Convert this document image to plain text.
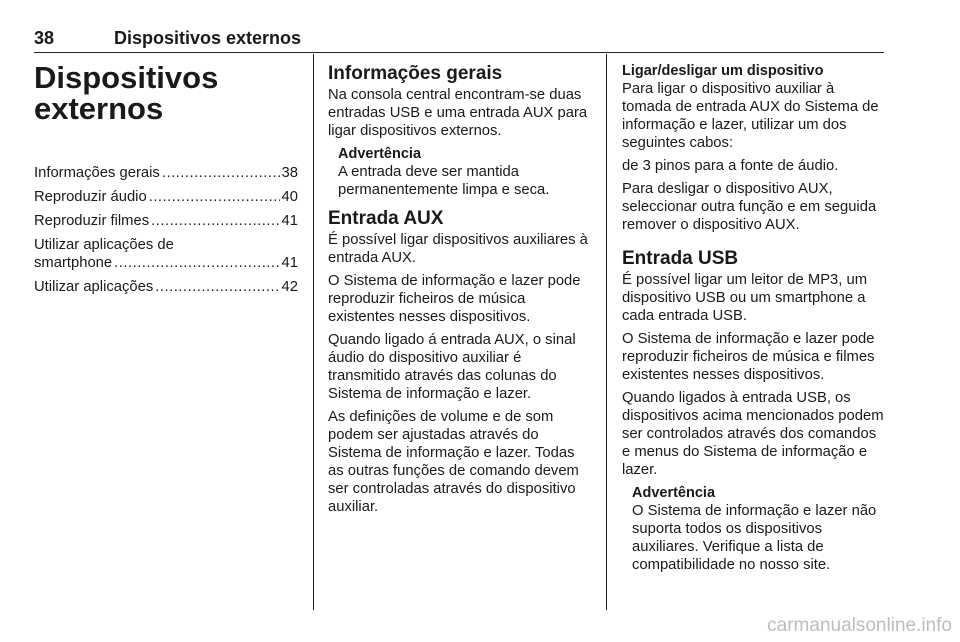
38	Dispositivos externos
Dispositivos
externos
Informações gerais .....	38
Reproduzir áudio .....	40
Reproduzir filmes .....	41
Utilizar aplicações de
smartphone .....	41
Utilizar aplicações .....	42
Informações gerais

Na consola central encontram-se duas entradas USB e uma entrada AUX para ligar dispositivos externos.

Advertência

A entrada deve ser mantida permanentemente limpa e seca.

Entrada AUX

É possível ligar dispositivos auxiliares à entrada AUX.

O Sistema de informação e lazer pode reproduzir ficheiros de música existentes nesses dispositivos.

Quando ligado á entrada AUX, o sinal áudio do dispositivo auxiliar é transmitido através das colunas do Sistema de informação e lazer.

As definições de volume e de som podem ser ajustadas através do Sistema de informação e lazer. Todas as outras funções de comando devem ser controladas através do dispositivo auxiliar.

Ligar/desligar um dispositivo

Para ligar o dispositivo auxiliar à tomada de entrada AUX do Sistema de informação e lazer, utilizar um dos seguintes cabos:

de 3 pinos para a fonte de áudio.

Para desligar o dispositivo AUX, seleccionar outra função e em seguida remover o dispositivo AUX.

Entrada USB

É possível ligar um leitor de MP3, um dispositivo USB ou um smartphone a cada entrada USB.

O Sistema de informação e lazer pode reproduzir ficheiros de música e filmes existentes nesses dispositivos.

Quando ligados à entrada USB, os dispositivos acima mencionados podem ser controlados através dos comandos e menus do Sistema de informação e lazer.

Advertência

O Sistema de informação e lazer não suporta todos os dispositivos auxiliares. Verifique a lista de compatibilidade no nosso site.

carmanualsonline.info
